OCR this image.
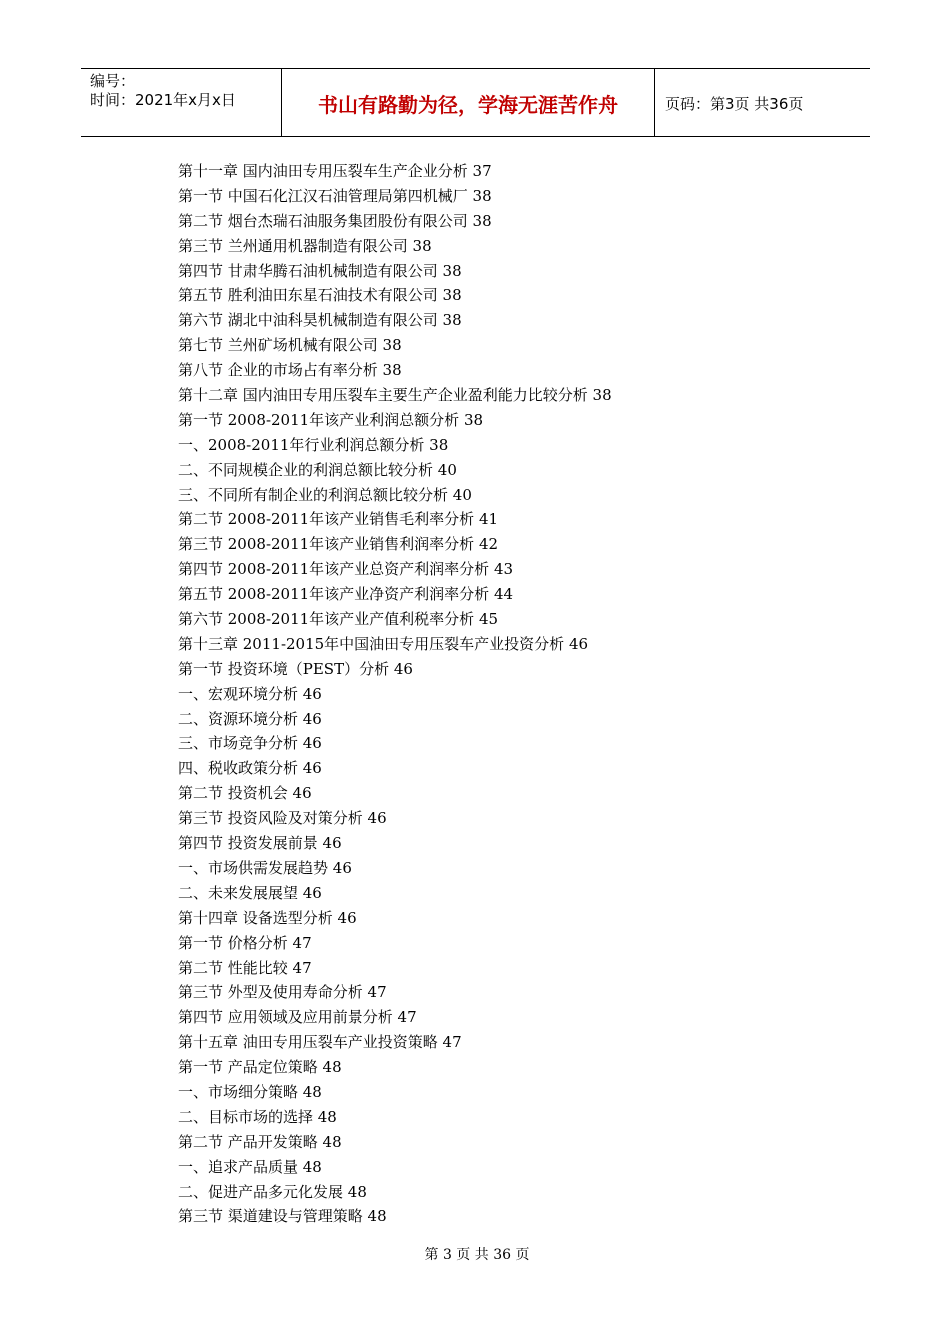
编号：
时间：2021年x月x日	书山有路勤为径，学海无涯苦作舟	页码：第3页 共36页
第十一章 国内油田专用压裂车生产企业分析 37
第一节 中国石化江汉石油管理局第四机械厂 38
第二节 烟台杰瑞石油服务集团股份有限公司 38
第三节 兰州通用机器制造有限公司 38
第四节 甘肃华腾石油机械制造有限公司 38
第五节 胜利油田东星石油技术有限公司 38
第六节 湖北中油科昊机械制造有限公司 38
第七节 兰州矿场机械有限公司 38
第八节 企业的市场占有率分析 38
第十二章 国内油田专用压裂车主要生产企业盈利能力比较分析 38
第一节 2008-2011年该产业利润总额分析 38
一、2008-2011年行业利润总额分析 38
二、不同规模企业的利润总额比较分析 40
三、不同所有制企业的利润总额比较分析 40
第二节 2008-2011年该产业销售毛利率分析 41
第三节 2008-2011年该产业销售利润率分析 42
第四节 2008-2011年该产业总资产利润率分析 43
第五节 2008-2011年该产业净资产利润率分析 44
第六节 2008-2011年该产业产值利税率分析 45
第十三章 2011-2015年中国油田专用压裂车产业投资分析 46
第一节 投资环境（PEST）分析 46
一、宏观环境分析 46
二、资源环境分析 46
三、市场竞争分析 46
四、税收政策分析 46
第二节 投资机会 46
第三节 投资风险及对策分析 46
第四节 投资发展前景 46
一、市场供需发展趋势 46
二、未来发展展望 46
第十四章 设备选型分析 46
第一节 价格分析 47
第二节 性能比较 47
第三节 外型及使用寿命分析 47
第四节 应用领域及应用前景分析 47
第十五章 油田专用压裂车产业投资策略 47
第一节 产品定位策略 48
一、市场细分策略 48
二、目标市场的选择 48
第二节 产品开发策略 48
一、追求产品质量 48
二、促进产品多元化发展 48
第三节 渠道建设与管理策略 48
第 3 页 共 36 页
